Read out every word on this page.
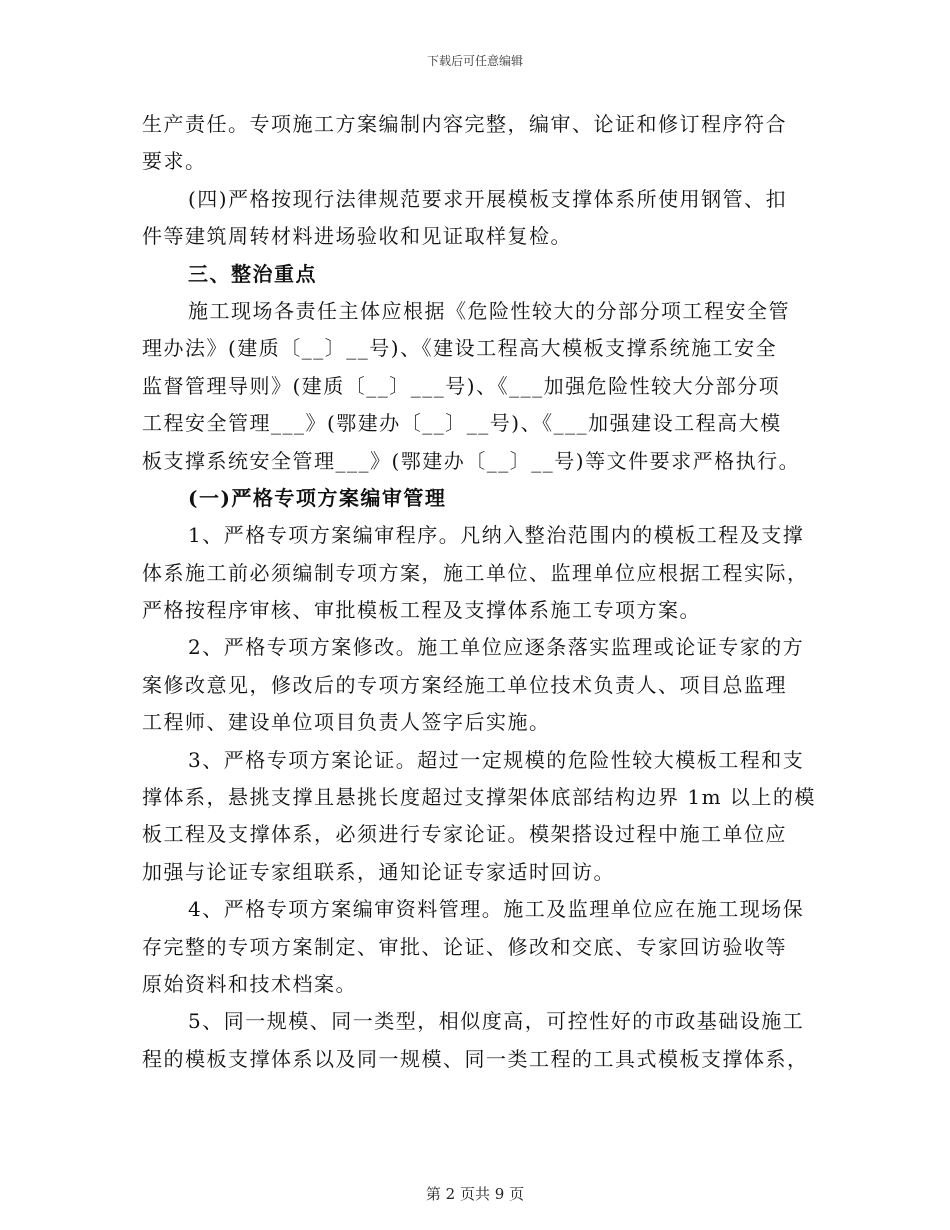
下载后可任意编辑
生产责任。专项施工方案编制内容完整，编审、论证和修订程序符合
要求。
(四)严格按现行法律规范要求开展模板支撑体系所使用钢管、扣
件等建筑周转材料进场验收和见证取样复检。
三、整治重点
施工现场各责任主体应根据《危险性较大的分部分项工程安全管
理办法》(建质〔__〕__号)、《建设工程高大模板支撑系统施工安全
监督管理导则》(建质〔__〕___号)、《___加强危险性较大分部分项
工程安全管理___》(鄂建办〔__〕__号)、《___加强建设工程高大模
板支撑系统安全管理___》(鄂建办〔__〕__号)等文件要求严格执行。
(一)严格专项方案编审管理
1、严格专项方案编审程序。凡纳入整治范围内的模板工程及支撑
体系施工前必须编制专项方案，施工单位、监理单位应根据工程实际，
严格按程序审核、审批模板工程及支撑体系施工专项方案。
2、严格专项方案修改。施工单位应逐条落实监理或论证专家的方
案修改意见，修改后的专项方案经施工单位技术负责人、项目总监理
工程师、建设单位项目负责人签字后实施。
3、严格专项方案论证。超过一定规模的危险性较大模板工程和支
撑体系，悬挑支撑且悬挑长度超过支撑架体底部结构边界 1m 以上的模
板工程及支撑体系，必须进行专家论证。模架搭设过程中施工单位应
加强与论证专家组联系，通知论证专家适时回访。
4、严格专项方案编审资料管理。施工及监理单位应在施工现场保
存完整的专项方案制定、审批、论证、修改和交底、专家回访验收等
原始资料和技术档案。
5、同一规模、同一类型，相似度高，可控性好的市政基础设施工
程的模板支撑体系以及同一规模、同一类工程的工具式模板支撑体系，
第 2 页共 9 页
